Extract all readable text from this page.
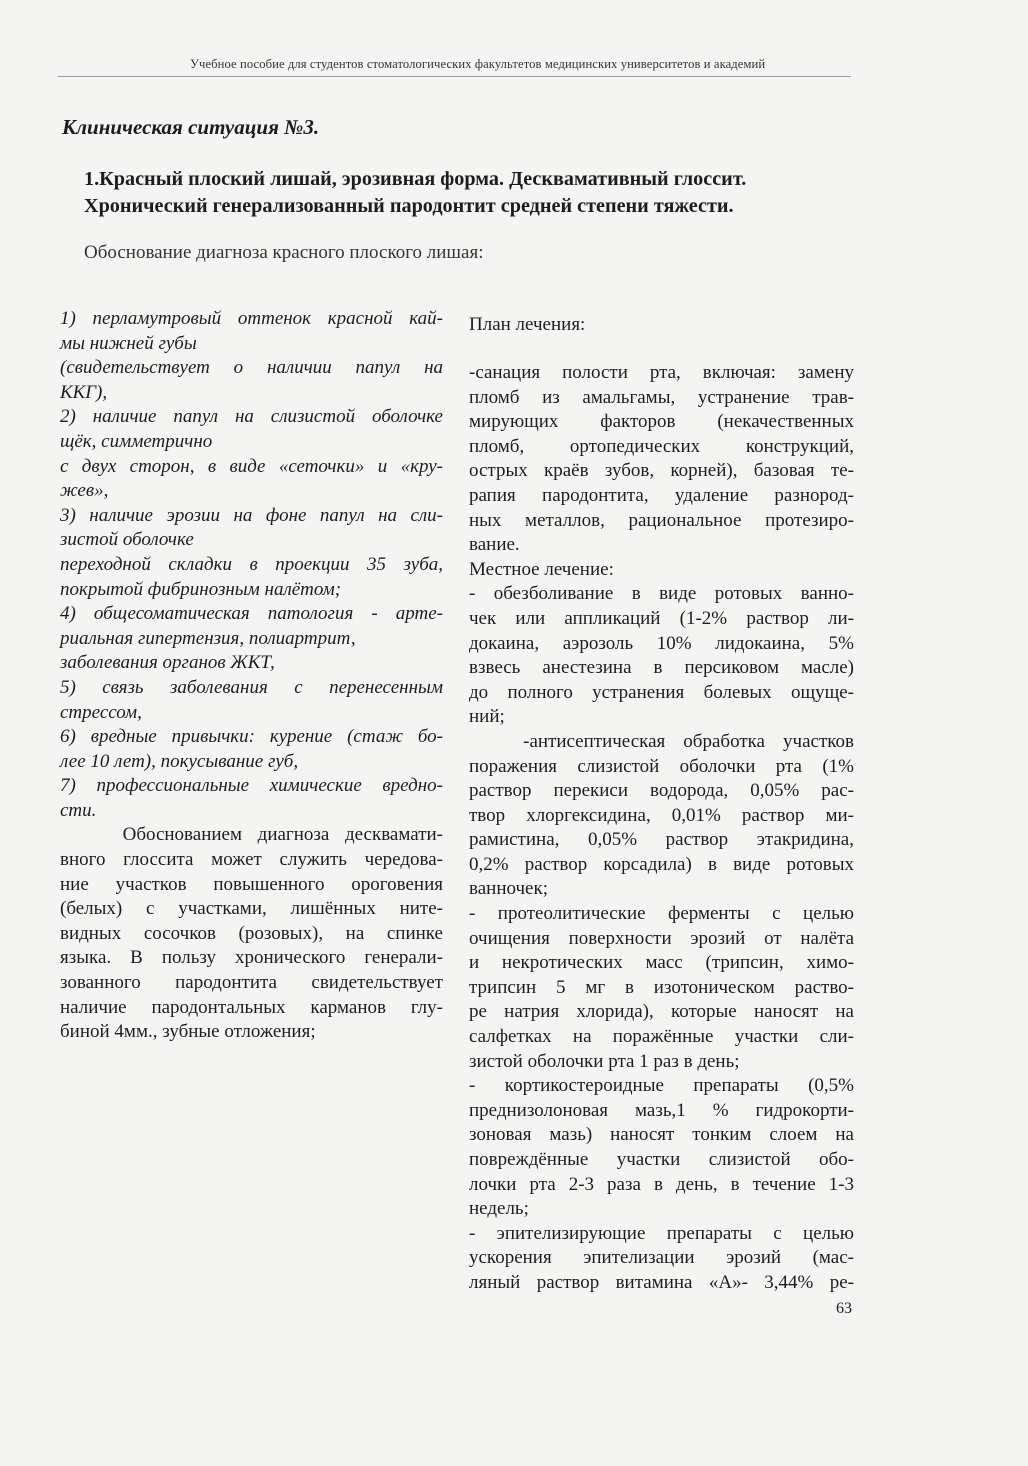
Учебное пособие для студентов стоматологических факультетов медицинских университетов и академий
Клиническая ситуация №3.
1.Красный плоский лишай, эрозивная форма. Десквамативный глоссит.
Хронический генерализованный пародонтит средней степени тяжести.
Обоснование диагноза красного плоского лишая:
1) перламутровый оттенок красной кай-
мы нижней губы
(свидетельствует о наличии папул на
ККГ),
2) наличие папул на слизистой оболочке
щёк, симметрично
с двух сторон, в виде «сеточки» и «кру-
жев»,
3) наличие эрозии на фоне папул на сли-
зистой оболочке
переходной складки в проекции 35 зуба,
покрытой фибринозным налётом;
4) общесоматическая патология - арте-
риальная гипертензия, полиартрит,
заболевания органов ЖКТ,
5) связь заболевания с перенесенным
стрессом,
6) вредные привычки: курение (стаж бо-
лее 10 лет), покусывание губ,
7) профессиональные химические вредно-
сти.
Обоснованием диагноза десквамати-
вного глоссита может служить чередова-
ние участков повышенного ороговения
(белых) с участками, лишённых ните-
видных сосочков (розовых), на спинке
языка. В пользу хронического генерали-
зованного пародонтита свидетельствует
наличие пародонтальных карманов глу-
биной 4мм., зубные отложения;
План лечения:
-санация полости рта, включая: замену
пломб из амальгамы, устранение трав-
мирующих факторов (некачественных
пломб, ортопедических конструкций,
острых краёв зубов, корней), базовая те-
рапия пародонтита, удаление разнород-
ных металлов, рациональное протезиро-
вание.
Местное лечение:
- обезболивание в виде ротовых ванно-
чек или аппликаций (1-2% раствор ли-
докаина, аэрозоль 10% лидокаина, 5%
взвесь анестезина в персиковом масле)
до полного устранения болевых ощуще-
ний;
-антисептическая обработка участков
поражения слизистой оболочки рта (1%
раствор перекиси водорода, 0,05% рас-
твор хлоргексидина, 0,01% раствор ми-
рамистина, 0,05% раствор этакридина,
0,2% раствор корсадила) в виде ротовых
ванночек;
- протеолитические ферменты с целью
очищения поверхности эрозий от налёта
и некротических масс (трипсин, химо-
трипсин 5 мг в изотоническом раство-
ре натрия хлорида), которые наносят на
салфетках на поражённые участки сли-
зистой оболочки рта 1 раз в день;
- кортикостероидные препараты (0,5%
преднизолоновая мазь,1 % гидрокорти-
зоновая мазь) наносят тонким слоем на
повреждённые участки слизистой обо-
лочки рта 2-3 раза в день, в течение 1-3
недель;
- эпителизирующие препараты с целью
ускорения эпителизации эрозий (мас-
ляный раствор витамина «А»- 3,44% ре-
63
